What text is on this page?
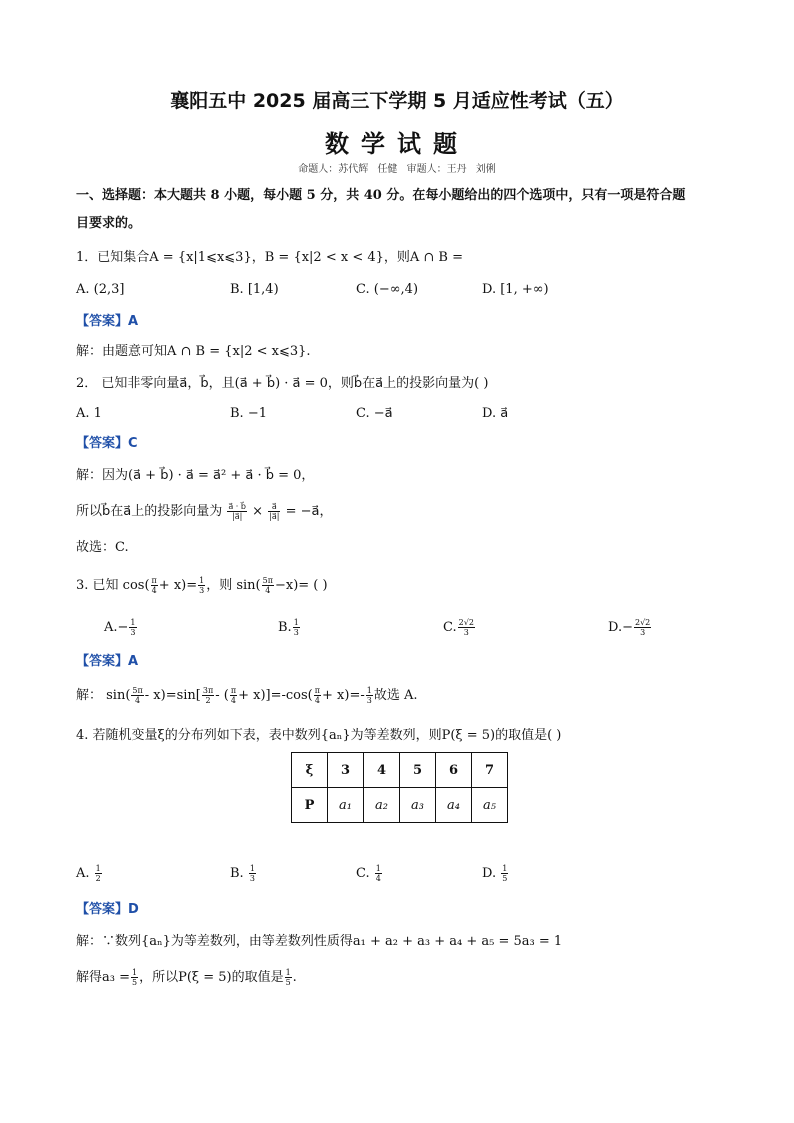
襄阳五中 2025 届高三下学期 5 月适应性考试（五）
数学试题
命题人：苏代辉 任健 审题人：王丹 刘俐
一、选择题：本大题共 8 小题，每小题 5 分，共 40 分。在每小题给出的四个选项中，只有一项是符合题
目要求的。
1．已知集合A = {x|1⩽x⩽3}，B = {x|2 < x < 4}，则A ∩ B =
A. (2,3]	B. [1,4)	C. (−∞,4)	D. [1, +∞)
【答案】A
解：由题意可知A ∩ B = {x|2 < x⩽3}.
2． 已知非零向量a⃗，b⃗，且(a⃗ + b⃗) · a⃗ = 0，则b⃗在a⃗上的投影向量为( )
A. 1	B. −1	C. −a⃗	D. a⃗
【答案】C
解：因为(a⃗ + b⃗) · a⃗ = a⃗² + a⃗ · b⃗ = 0，
所以b⃗在a⃗上的投影向量为 $\frac{a⃗ \cdot b⃗}{|a⃗|} \times \frac{a⃗}{|a⃗|}$ = −a⃗，
故选：C.
3. 已知 $\cos( \frac{\pi}{4} + x)= \frac{1}{3}$ ，则 $\sin( \frac{5\pi}{4} -x)=$ ( )
$A.- \frac{1}{3}$	B. $\frac{1}{3}$	C. $\frac{2√2}{3}$	$D.- \frac{2√2}{3}$
【答案】A
解： $\sin( \frac{5\pi}{4} - x)=\sin[ \frac{3\pi}{2}$ - ( $\frac{\pi}{4} + x)]=-\cos( \frac{\pi}{4} + x)=- \frac{1}{3}$ 故选 A.
4. 若随机变量ξ的分布列如下表，表中数列{aₙ}为等差数列，则P(ξ = 5)的取值是( )
ξ	3	4	5	6	7
P	a₁	a₂	a₃	a₄	a₅
A. $\frac{1}{2}$	B. $\frac{1}{3}$	C. $\frac{1}{4}$	D. $\frac{1}{5}$
【答案】D
解：∵数列{aₙ}为等差数列，由等差数列性质得a₁ + a₂ + a₃ + a₄ + a₅ = 5a₃ = 1
解得$a_3 = \frac{1}{5}$ ，所以P(ξ = 5)的取值是 $\frac{1}{5}$ .
